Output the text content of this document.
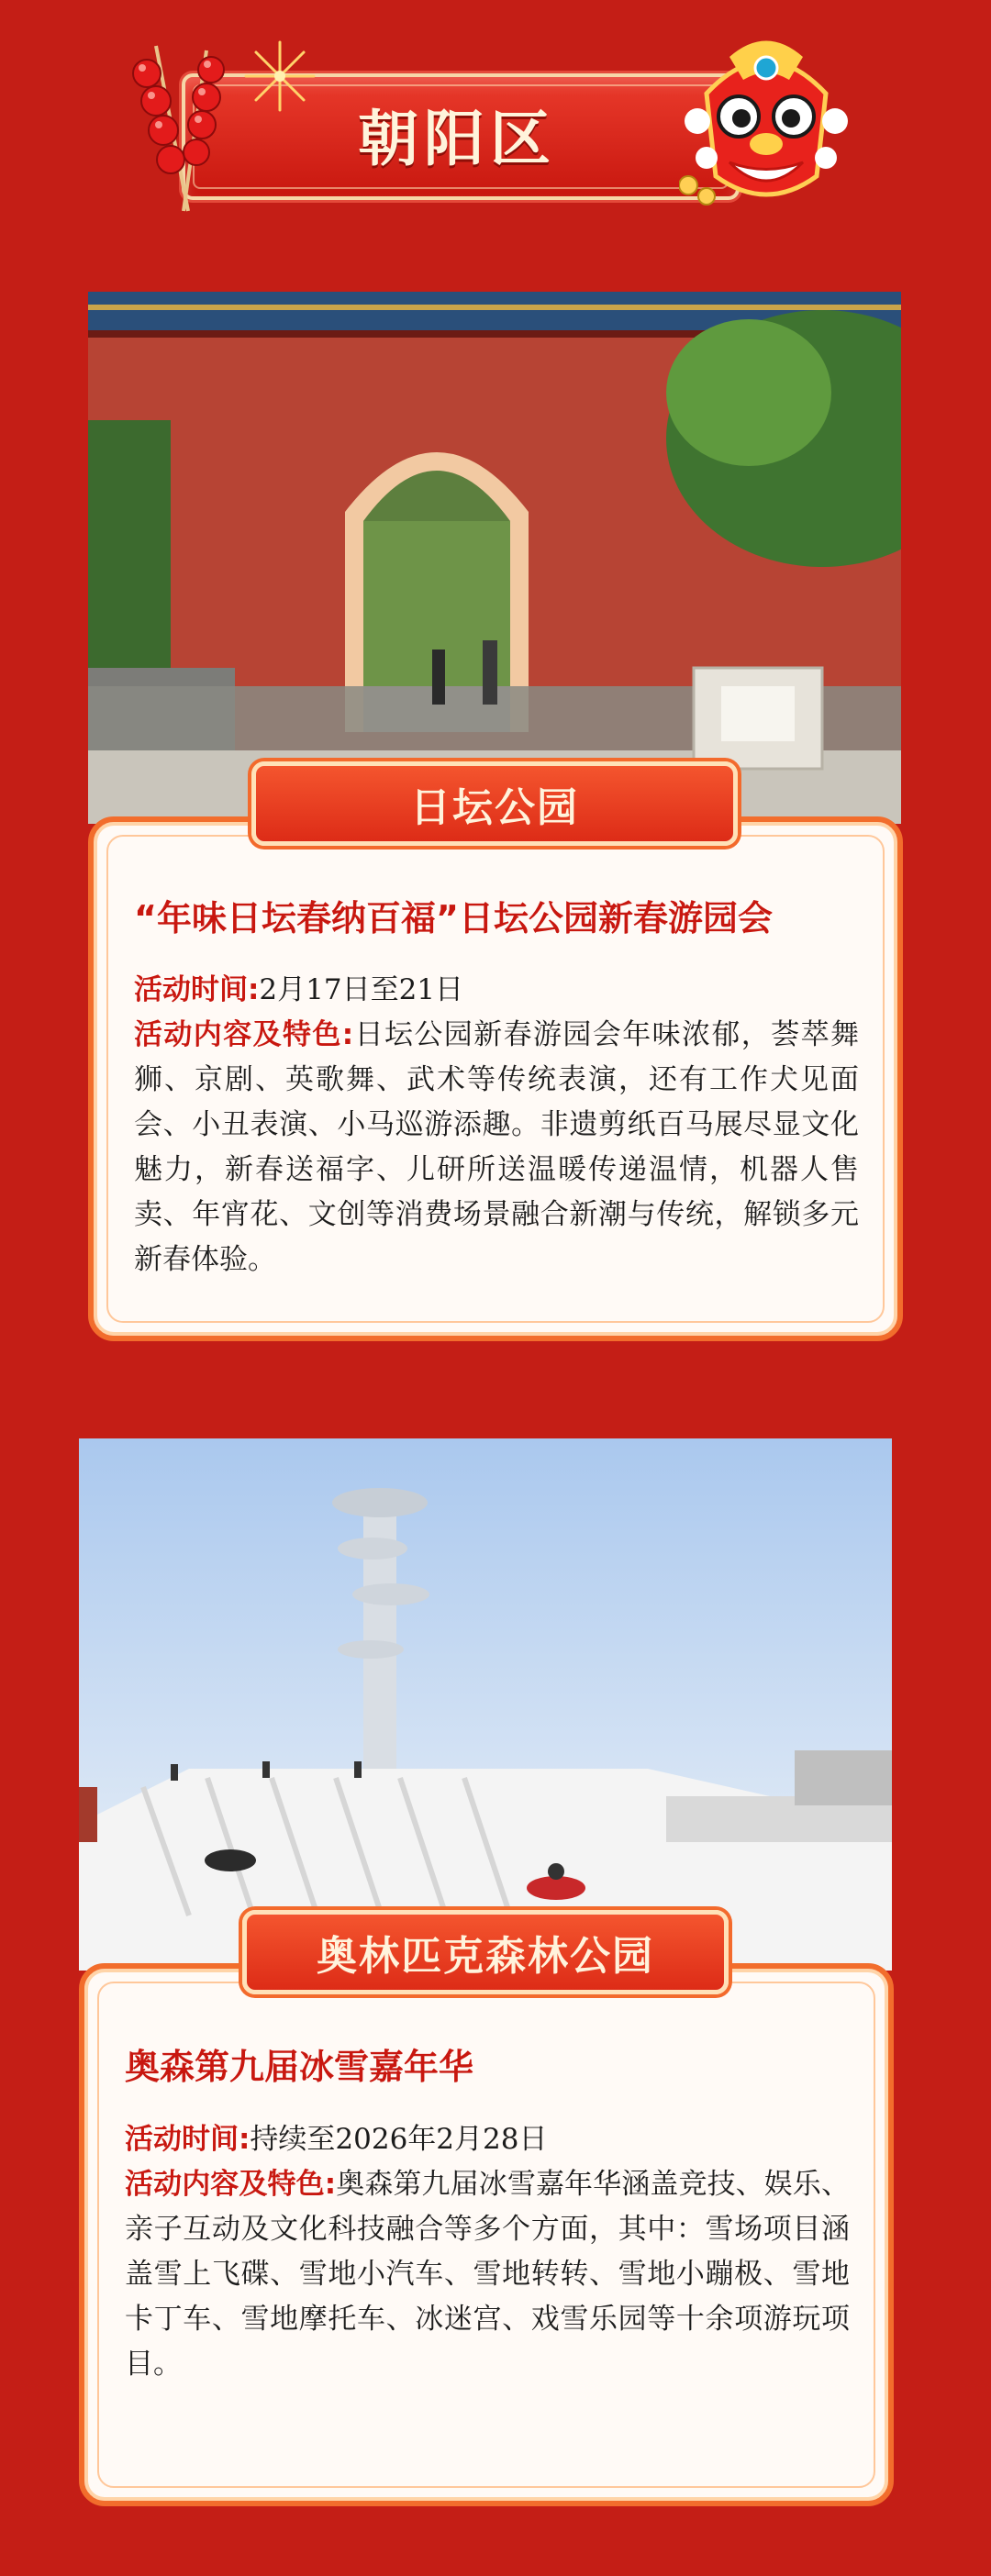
朝阳区
日坛公园
“年味日坛春纳百福”日坛公园新春游园会

活动时间:2月17日至21日

活动内容及特色:日坛公园新春游园会年味浓郁，荟萃舞狮、京剧、英歌舞、武术等传统表演，还有工作犬见面会、小丑表演、小马巡游添趣。非遗剪纸百马展尽显文化魅力，新春送福字、儿研所送温暖传递温情，机器人售卖、年宵花、文创等消费场景融合新潮与传统，解锁多元新春体验。

奥林匹克森林公园
奥森第九届冰雪嘉年华

活动时间:持续至2026年2月28日

活动内容及特色:奥森第九届冰雪嘉年华涵盖竞技、娱乐、亲子互动及文化科技融合等多个方面，其中：雪场项目涵盖雪上飞碟、雪地小汽车、雪地转转、雪地小蹦极、雪地卡丁车、雪地摩托车、冰迷宫、戏雪乐园等十余项游玩项目。
